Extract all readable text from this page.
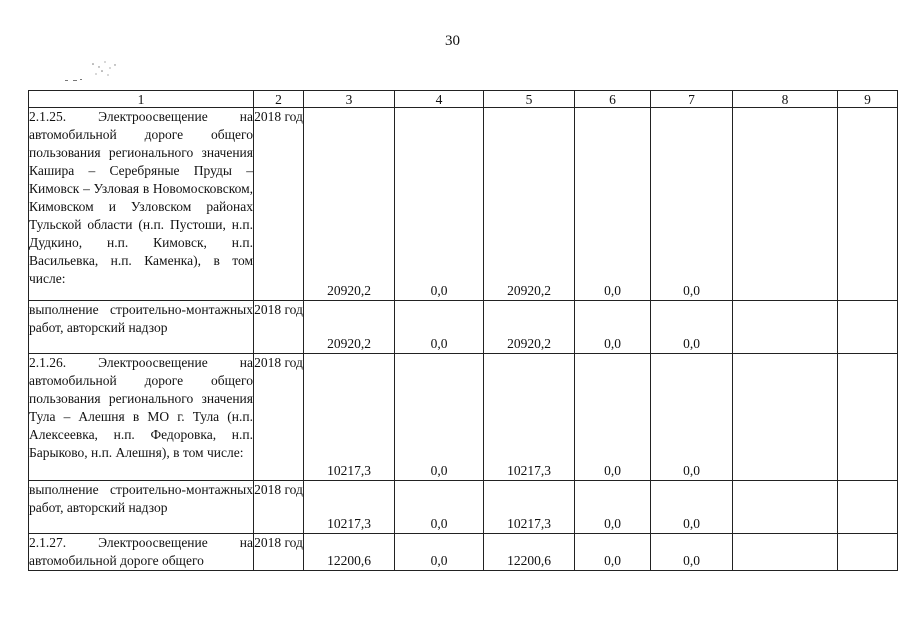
30
1	2	3	4	5	6	7	8	9
2.1.25. Электроосвещение на автомобильной дороге общего пользования регионального значения Кашира – Серебряные Пруды – Кимовск – Узловая в Новомосковском, Кимовском и Узловском районах Тульской области (н.п. Пустоши, н.п. Дудкино, н.п. Кимовск, н.п. Васильевка, н.п. Каменка), в том числе:	2018 год	20920,2	0,0	20920,2	0,0	0,0		
выполнение строительно-монтажных работ, авторский надзор	2018 год	20920,2	0,0	20920,2	0,0	0,0		
2.1.26. Электроосвещение на автомобильной дороге общего пользования регионального значения Тула – Алешня в МО г. Тула (н.п. Алексеевка, н.п. Федоровка, н.п. Барыково, н.п. Алешня), в том числе:	2018 год	10217,3	0,0	10217,3	0,0	0,0		
выполнение строительно-монтажных работ, авторский надзор	2018 год	10217,3	0,0	10217,3	0,0	0,0		
2.1.27. Электроосвещение на автомобильной дороге общего	2018 год	12200,6	0,0	12200,6	0,0	0,0		
